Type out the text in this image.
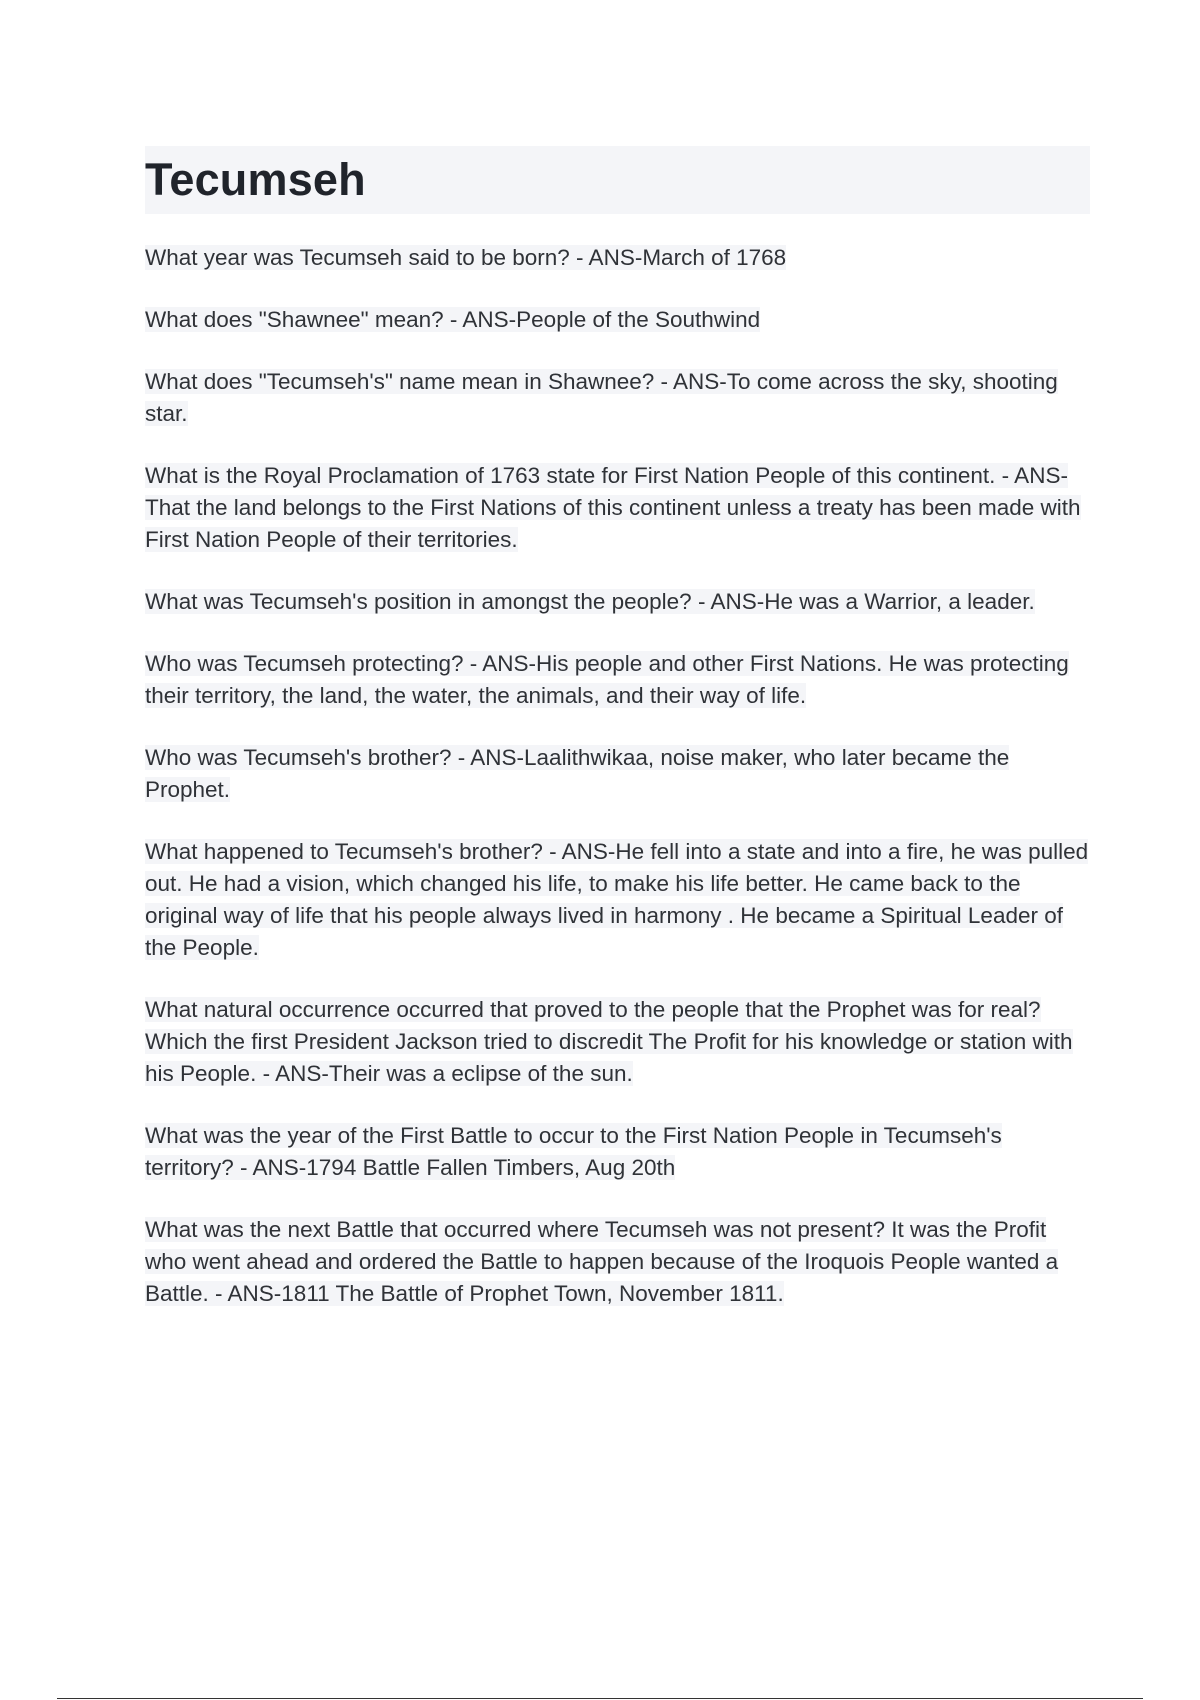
Tecumseh

What year was Tecumseh said to be born? - ANS-March of 1768

What does "Shawnee" mean? - ANS-People of the Southwind

What does "Tecumseh's" name mean in Shawnee? - ANS-To come across the sky, shooting star.

What is the Royal Proclamation of 1763 state for First Nation People of this continent. - ANS-That the land belongs to the First Nations of this continent unless a treaty has been made with First Nation People of their territories.

What was Tecumseh's position in amongst the people? - ANS-He was a Warrior, a leader.

Who was Tecumseh protecting? - ANS-His people and other First Nations. He was protecting their territory, the land, the water, the animals, and their way of life.

Who was Tecumseh's brother? - ANS-Laalithwikaa, noise maker, who later became the Prophet.

What happened to Tecumseh's brother? - ANS-He fell into a state and into a fire, he was pulled out. He had a vision, which changed his life, to make his life better. He came back to the original way of life that his people always lived in harmony . He became a Spiritual Leader of the People.

What natural occurrence occurred that proved to the people that the Prophet was for real? Which the first President Jackson tried to discredit The Profit for his knowledge or station with his People. - ANS-Their was a eclipse of the sun.

What was the year of the First Battle to occur to the First Nation People in Tecumseh's territory? - ANS-1794 Battle Fallen Timbers, Aug 20th

What was the next Battle that occurred where Tecumseh was not present? It was the Profit who went ahead and ordered the Battle to happen because of the Iroquois People wanted a Battle. - ANS-1811 The Battle of Prophet Town, November 1811.
